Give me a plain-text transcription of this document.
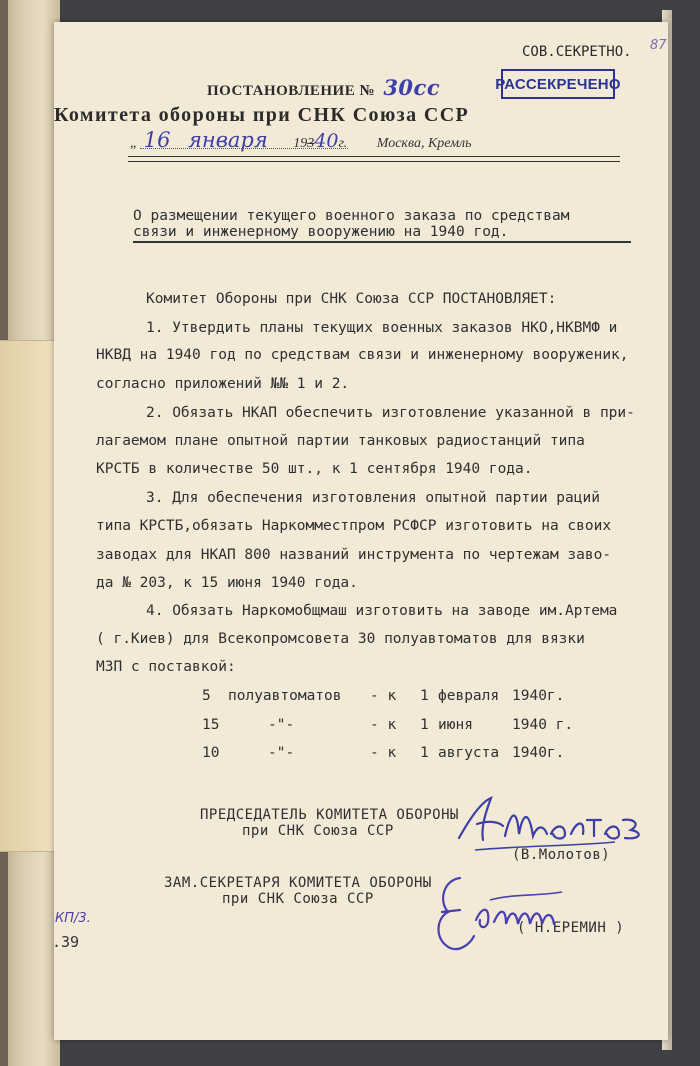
КП/3.
.39
СОВ.СЕКРЕТНО. 87
РАССЕКРЕЧЕНО
ПОСТАНОВЛЕНИЕ № 30сс
Комитета обороны при СНК Союза ССР
„ 16 января 19340г. Москва, Кремль
О размещении текущего военного заказа по средствам
связи и инженерному вооружению на 1940 год.
Комитет Обороны при СНК Союза ССР ПОСТАНОВЛЯЕТ:
1. Утвердить планы текущих военных заказов НКО,НКВМФ и
НКВД на 1940 год по средствам связи и инженерному вооруженик,
согласно приложений №№ 1 и 2.
2. Обязать НКАП обеспечить изготовление указанной в при-
лагаемом плане опытной партии танковых радиостанций типа
КРСТБ в количестве 50 шт., к 1 сентября 1940 года.
3. Для обеспечения изготовления опытной партии раций
типа КРСТБ,обязать Наркомместпром РСФСР изготовить на своих
заводах для НКАП 800 названий инструмента по чертежам заво-
да № 203, к 15 июня 1940 года.
4. Обязать Наркомобщмаш изготовить на заводе им.Артема
( г.Киев) для Всекопромсовета 30 полуавтоматов для вязки
МЗП с поставкой:
5 полуавтоматов - к 1 февраля 1940г.
15	-"-	- к 1 июня	1940 г.
10	-"-	- к 1 августа 1940г.
ПРЕДСЕДАТЕЛЬ КОМИТЕТА ОБОРОНЫ
при СНК Союза ССР
(В.Молотов)
ЗАМ.СЕКРЕТАРЯ КОМИТЕТА ОБОРОНЫ
при СНК Союза ССР
( Н.ЕРЕМИН )
